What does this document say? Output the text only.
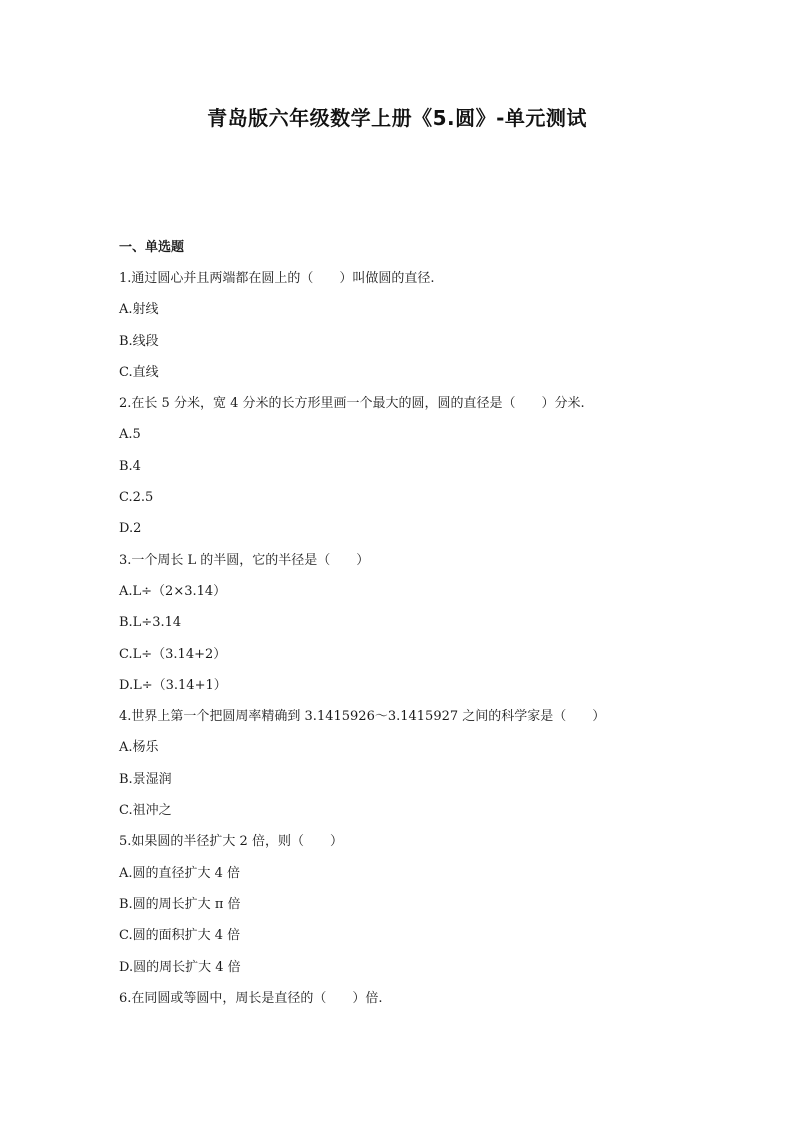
青岛版六年级数学上册《5.圆》-单元测试
一、单选题
1.通过圆心并且两端都在圆上的（　　）叫做圆的直径.
A.射线
B.线段
C.直线
2.在长 5 分米，宽 4 分米的长方形里画一个最大的圆，圆的直径是（　　）分米.
A.5
B.4
C.2.5
D.2
3.一个周长 L 的半圆，它的半径是（　　）
A.L÷（2×3.14）
B.L÷3.14
C.L÷（3.14+2）
D.L÷（3.14+1）
4.世界上第一个把圆周率精确到 3.1415926～3.1415927 之间的科学家是（　　）
A.杨乐
B.景湿润
C.祖冲之
5.如果圆的半径扩大 2 倍，则（　　）
A.圆的直径扩大 4 倍
B.圆的周长扩大 π 倍
C.圆的面积扩大 4 倍
D.圆的周长扩大 4 倍
6.在同圆或等圆中，周长是直径的（　　）倍.
